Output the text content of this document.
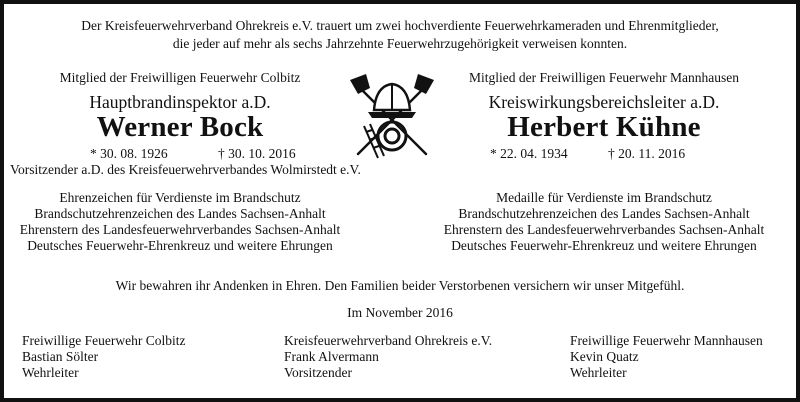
Der Kreisfeuerwehrverband Ohrekreis e.V. trauert um zwei hochverdiente Feuerwehrkameraden und Ehrenmitglieder,
die jeder auf mehr als sechs Jahrzehnte Feuerwehrzugehörigkeit verweisen konnten.
Mitglied der Freiwilligen Feuerwehr Colbitz
Hauptbrandinspektor a.D.
Werner Bock
* 30. 08. 1926	† 30. 10. 2016
Vorsitzender a.D. des Kreisfeuerwehrverbandes Wolmirstedt e.V.
Ehrenzeichen für Verdienste im Brandschutz
Brandschutzehrenzeichen des Landes Sachsen-Anhalt
Ehrenstern des Landesfeuerwehrverbandes Sachsen-Anhalt
Deutsches Feuerwehr-Ehrenkreuz und weitere Ehrungen
Mitglied der Freiwilligen Feuerwehr Mannhausen
Kreiswirkungsbereichsleiter a.D.
Herbert Kühne
* 22. 04. 1934	† 20. 11. 2016
Medaille für Verdienste im Brandschutz
Brandschutzehrenzeichen des Landes Sachsen-Anhalt
Ehrenstern des Landesfeuerwehrverbandes Sachsen-Anhalt
Deutsches Feuerwehr-Ehrenkreuz und weitere Ehrungen
Wir bewahren ihr Andenken in Ehren. Den Familien beider Verstorbenen versichern wir unser Mitgefühl.
Im November 2016
Freiwillige Feuerwehr Colbitz
Bastian Sölter
Wehrleiter
Kreisfeuerwehrverband Ohrekreis e.V.
Frank Alvermann
Vorsitzender
Freiwillige Feuerwehr Mannhausen
Kevin Quatz
Wehrleiter
